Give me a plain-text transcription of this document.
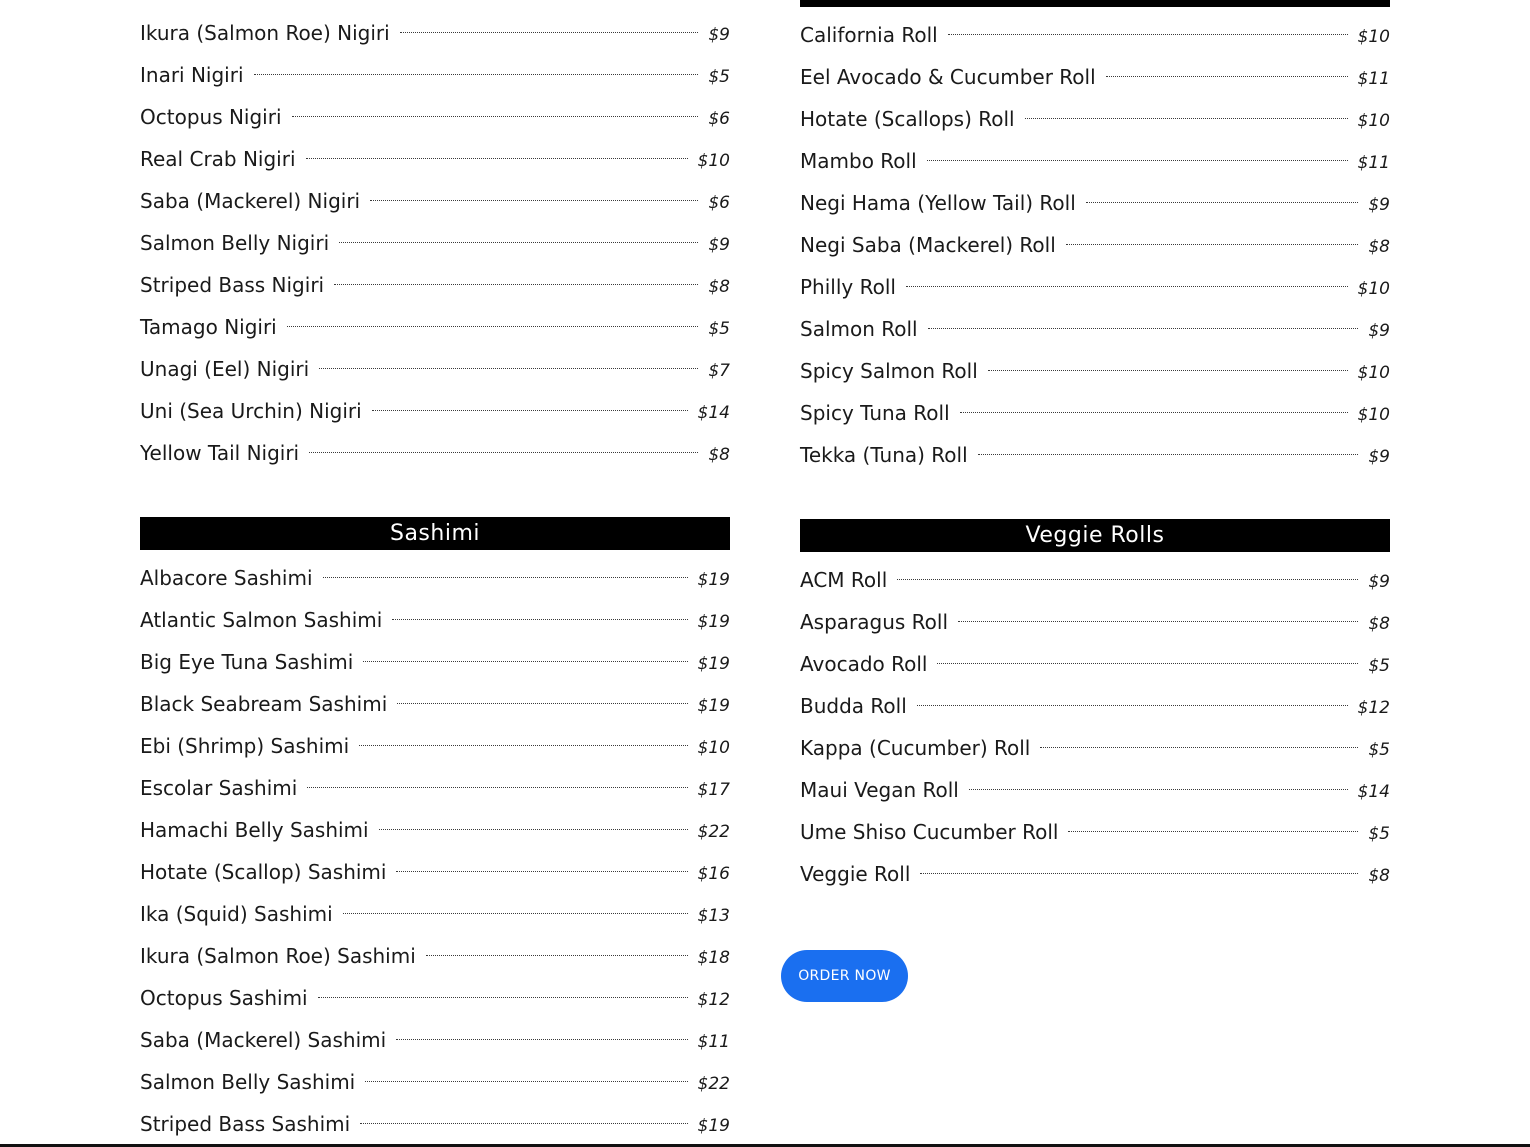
Ikura (Salmon Roe) Nigiri	$9
Inari Nigiri	$5
Octopus Nigiri	$6
Real Crab Nigiri	$10
Saba (Mackerel) Nigiri	$6
Salmon Belly Nigiri	$9
Striped Bass Nigiri	$8
Tamago Nigiri	$5
Unagi (Eel) Nigiri	$7
Uni (Sea Urchin) Nigiri	$14
Yellow Tail Nigiri	$8
Sashimi
Albacore Sashimi	$19
Atlantic Salmon Sashimi	$19
Big Eye Tuna Sashimi	$19
Black Seabream Sashimi	$19
Ebi (Shrimp) Sashimi	$10
Escolar Sashimi	$17
Hamachi Belly Sashimi	$22
Hotate (Scallop) Sashimi	$16
Ika (Squid) Sashimi	$13
Ikura (Salmon Roe) Sashimi	$18
Octopus Sashimi	$12
Saba (Mackerel) Sashimi	$11
Salmon Belly Sashimi	$22
Striped Bass Sashimi	$19
California Roll	$10
Eel Avocado & Cucumber Roll	$11
Hotate (Scallops) Roll	$10
Mambo Roll	$11
Negi Hama (Yellow Tail) Roll	$9
Negi Saba (Mackerel) Roll	$8
Philly Roll	$10
Salmon Roll	$9
Spicy Salmon Roll	$10
Spicy Tuna Roll	$10
Tekka (Tuna) Roll	$9
Veggie Rolls
ACM Roll	$9
Asparagus Roll	$8
Avocado Roll	$5
Budda Roll	$12
Kappa (Cucumber) Roll	$5
Maui Vegan Roll	$14
Ume Shiso Cucumber Roll	$5
Veggie Roll	$8
ORDER NOW
